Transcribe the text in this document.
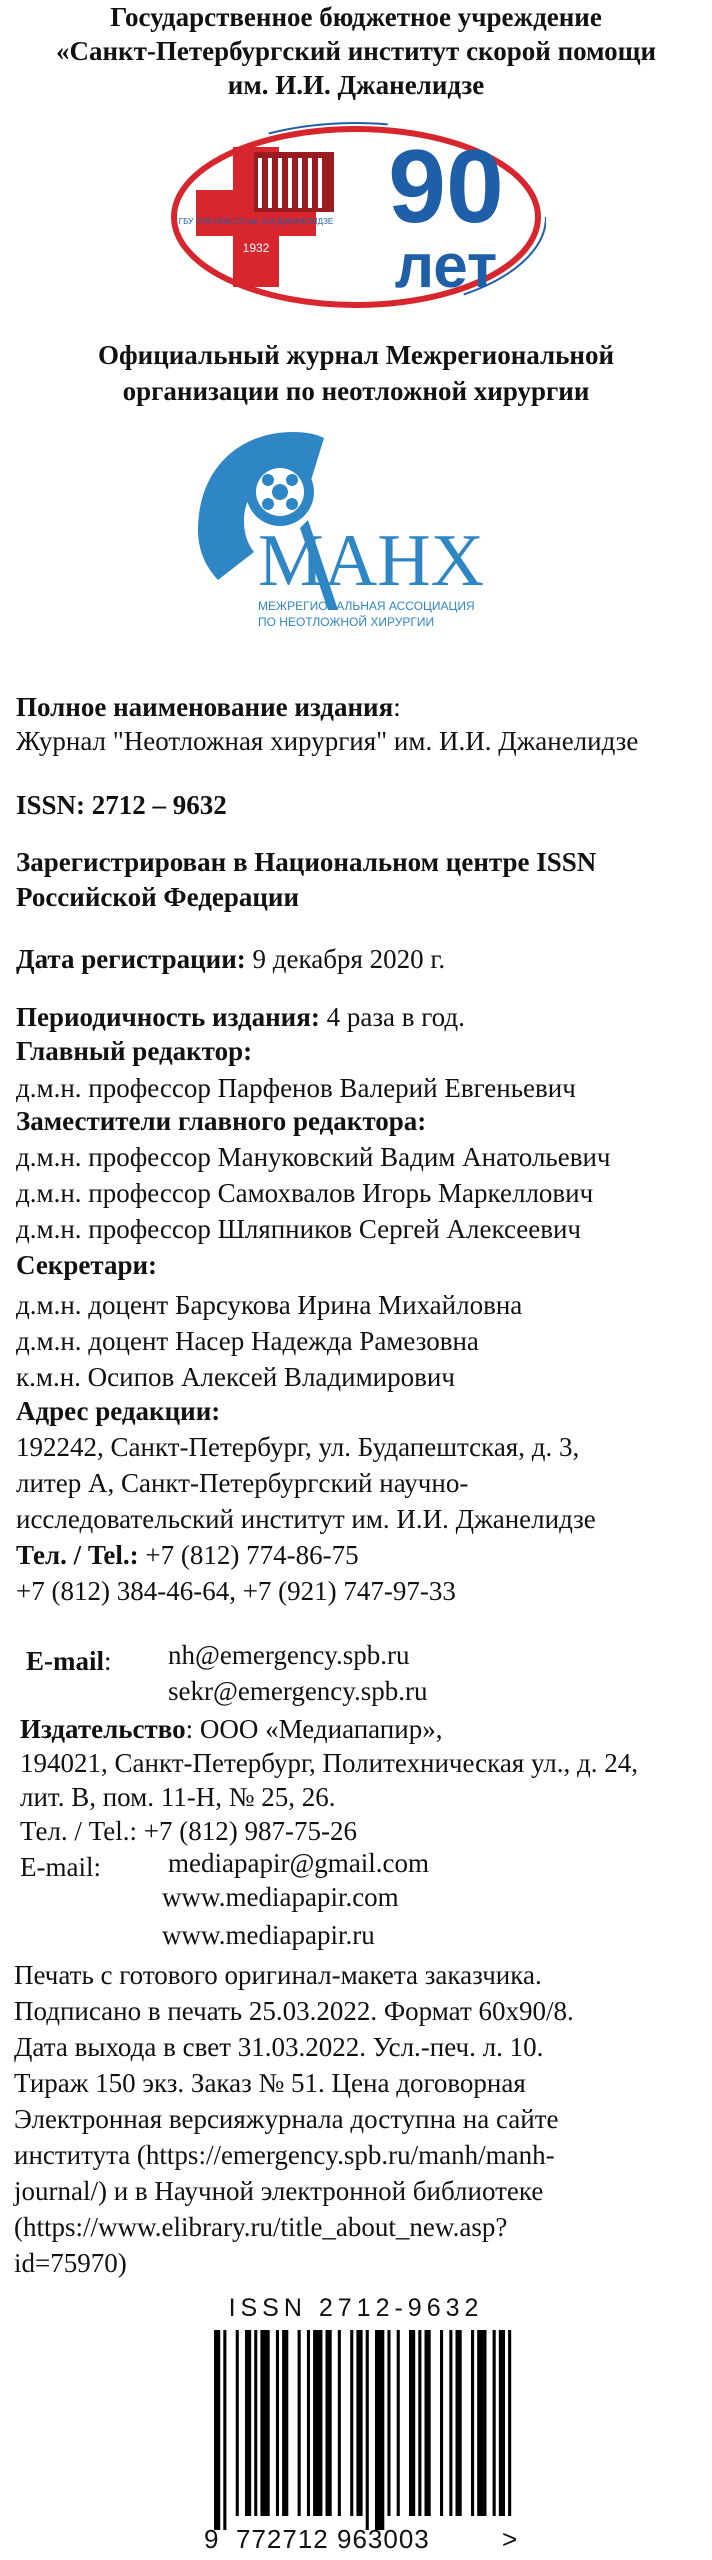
Государственное бюджетное учреждение
«Санкт-Петербургский институт скорой помощи
им. И.И. Джанелидзе
ГБУ СПб НИИ СП им. И.И.ДЖАНЕЛИДЗЕ
1932
90
лет
Официальный журнал Межрегиональной
организации по неотложной хирургии
МАНХ
МЕЖРЕГИОНАЛЬНАЯ АССОЦИАЦИЯ
ПО НЕОТЛОЖНОЙ ХИРУРГИИ
Полное наименование издания:
Журнал "Неотложная хирургия" им. И.И. Джанелидзе
ISSN: 2712 – 9632
Зарегистрирован в Национальном центре ISSN
Российской Федерации
Дата регистрации: 9 декабря 2020 г.
Периодичность издания: 4 раза в год.
Главный редактор:
д.м.н. профессор Парфенов Валерий Евгеньевич
Заместители главного редактора:
д.м.н. профессор Мануковский Вадим Анатольевич
д.м.н. профессор Самохвалов Игорь Маркеллович
д.м.н. профессор Шляпников Сергей Алексеевич
Секретари:
д.м.н. доцент Барсукова Ирина Михайловна
д.м.н. доцент Насер Надежда Рамезовна
к.м.н. Осипов Алексей Владимирович
Адрес редакции:
192242, Санкт-Петербург, ул. Будапештская, д. 3,
литер А, Санкт-Петербургский научно-
исследовательский институт им. И.И. Джанелидзе
Тел. / Tel.: +7 (812) 774-86-75
+7 (812) 384-46-64, +7 (921) 747-97-33
E-mail: nh@emergency.spb.ru
sekr@emergency.spb.ru
Издательство: ООО «Медиапапир»,
194021, Санкт-Петербург, Политехническая ул., д. 24,
лит. В, пом. 11-Н, № 25, 26.
Тел. / Tel.: +7 (812) 987-75-26
E-mail: mediapapir@gmail.com
www.mediapapir.com
www.mediapapir.ru
Печать с готового оригинал-макета заказчика.
Подписано в печать 25.03.2022. Формат 60х90/8.
Дата выхода в свет 31.03.2022. Усл.-печ. л. 10.
Тираж 150 экз. Заказ № 51. Цена договорная
Электронная версияжурнала доступна на сайте
института (https://emergency.spb.ru/manh/manh-
journal/) и в Научной электронной библиотеке
(https://www.elibrary.ru/title_about_new.asp?
id=75970)
ISSN 2712-9632
9 772712 963003	>
